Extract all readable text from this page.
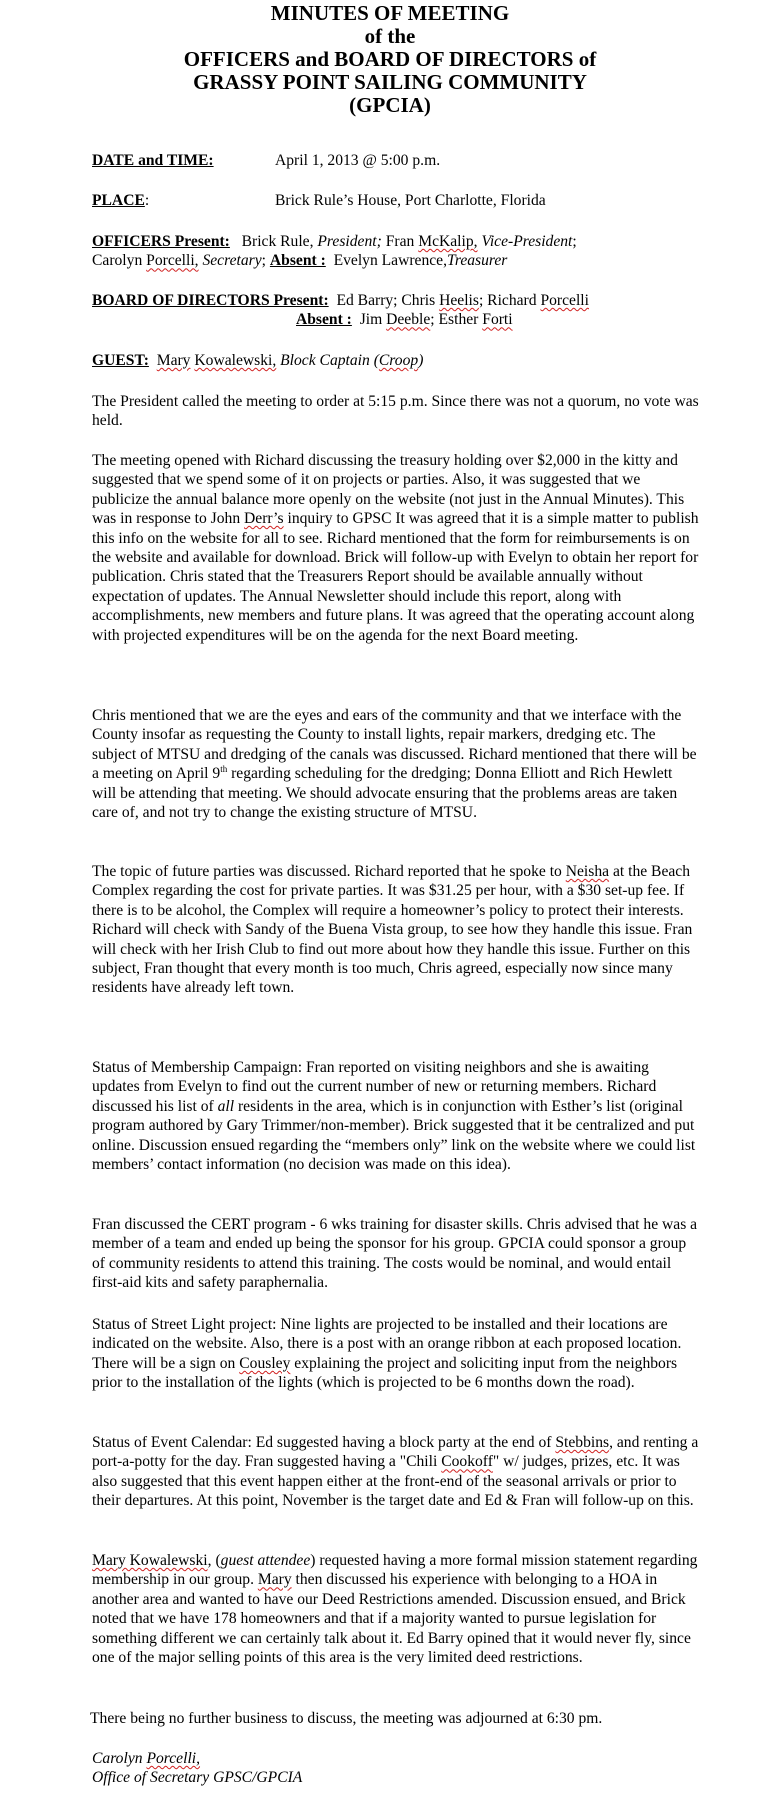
MINUTES OF MEETING
of the
OFFICERS and BOARD OF DIRECTORS of
GRASSY POINT SAILING COMMUNITY
(GPCIA)
DATE and TIME:	April 1, 2013 @ 5:00 p.m.
PLACE:	Brick Rule’s House, Port Charlotte, Florida
OFFICERS Present: Brick Rule, President; Fran McKalip, Vice-President;
Carolyn Porcelli, Secretary; Absent : Evelyn Lawrence,Treasurer
BOARD OF DIRECTORS Present: Ed Barry; Chris Heelis; Richard Porcelli
Absent : Jim Deeble; Esther Forti
GUEST: Mary Kowalewski, Block Captain (Croop)

The President called the meeting to order at 5:15 p.m. Since there was not a quorum, no vote was held.

The meeting opened with Richard discussing the treasury holding over $2,000 in the kitty and suggested that we spend some of it on projects or parties. Also, it was suggested that we publicize the annual balance more openly on the website (not just in the Annual Minutes). This was in response to John Derr’s inquiry to GPSC It was agreed that it is a simple matter to publish this info on the website for all to see. Richard mentioned that the form for reimbursements is on the website and available for download. Brick will follow-up with Evelyn to obtain her report for publication. Chris stated that the Treasurers Report should be available annually without expectation of updates. The Annual Newsletter should include this report, along with accomplishments, new members and future plans. It was agreed that the operating account along with projected expenditures will be on the agenda for the next Board meeting.

Chris mentioned that we are the eyes and ears of the community and that we interface with the County insofar as requesting the County to install lights, repair markers, dredging etc. The subject of MTSU and dredging of the canals was discussed. Richard mentioned that there will be a meeting on April 9th regarding scheduling for the dredging; Donna Elliott and Rich Hewlett will be attending that meeting. We should advocate ensuring that the problems areas are taken care of, and not try to change the existing structure of MTSU.

The topic of future parties was discussed. Richard reported that he spoke to Neisha at the Beach Complex regarding the cost for private parties. It was $31.25 per hour, with a $30 set-up fee. If there is to be alcohol, the Complex will require a homeowner’s policy to protect their interests. Richard will check with Sandy of the Buena Vista group, to see how they handle this issue. Fran will check with her Irish Club to find out more about how they handle this issue. Further on this subject, Fran thought that every month is too much, Chris agreed, especially now since many residents have already left town.

Status of Membership Campaign: Fran reported on visiting neighbors and she is awaiting updates from Evelyn to find out the current number of new or returning members. Richard discussed his list of all residents in the area, which is in conjunction with Esther’s list (original program authored by Gary Trimmer/non-member). Brick suggested that it be centralized and put online. Discussion ensued regarding the “members only” link on the website where we could list members’ contact information (no decision was made on this idea).

Fran discussed the CERT program - 6 wks training for disaster skills. Chris advised that he was a member of a team and ended up being the sponsor for his group. GPCIA could sponsor a group of community residents to attend this training. The costs would be nominal, and would entail first-aid kits and safety paraphernalia.

Status of Street Light project: Nine lights are projected to be installed and their locations are indicated on the website. Also, there is a post with an orange ribbon at each proposed location. There will be a sign on Cousley explaining the project and soliciting input from the neighbors prior to the installation of the lights (which is projected to be 6 months down the road).

Status of Event Calendar: Ed suggested having a block party at the end of Stebbins, and renting a port-a-potty for the day. Fran suggested having a "Chili Cookoff" w/ judges, prizes, etc. It was also suggested that this event happen either at the front-end of the seasonal arrivals or prior to their departures. At this point, November is the target date and Ed & Fran will follow-up on this.

Mary Kowalewski, (guest attendee) requested having a more formal mission statement regarding membership in our group. Mary then discussed his experience with belonging to a HOA in another area and wanted to have our Deed Restrictions amended. Discussion ensued, and Brick noted that we have 178 homeowners and that if a majority wanted to pursue legislation for something different we can certainly talk about it. Ed Barry opined that it would never fly, since one of the major selling points of this area is the very limited deed restrictions.

There being no further business to discuss, the meeting was adjourned at 6:30 pm.

Carolyn Porcelli,
Office of Secretary GPSC/GPCIA
